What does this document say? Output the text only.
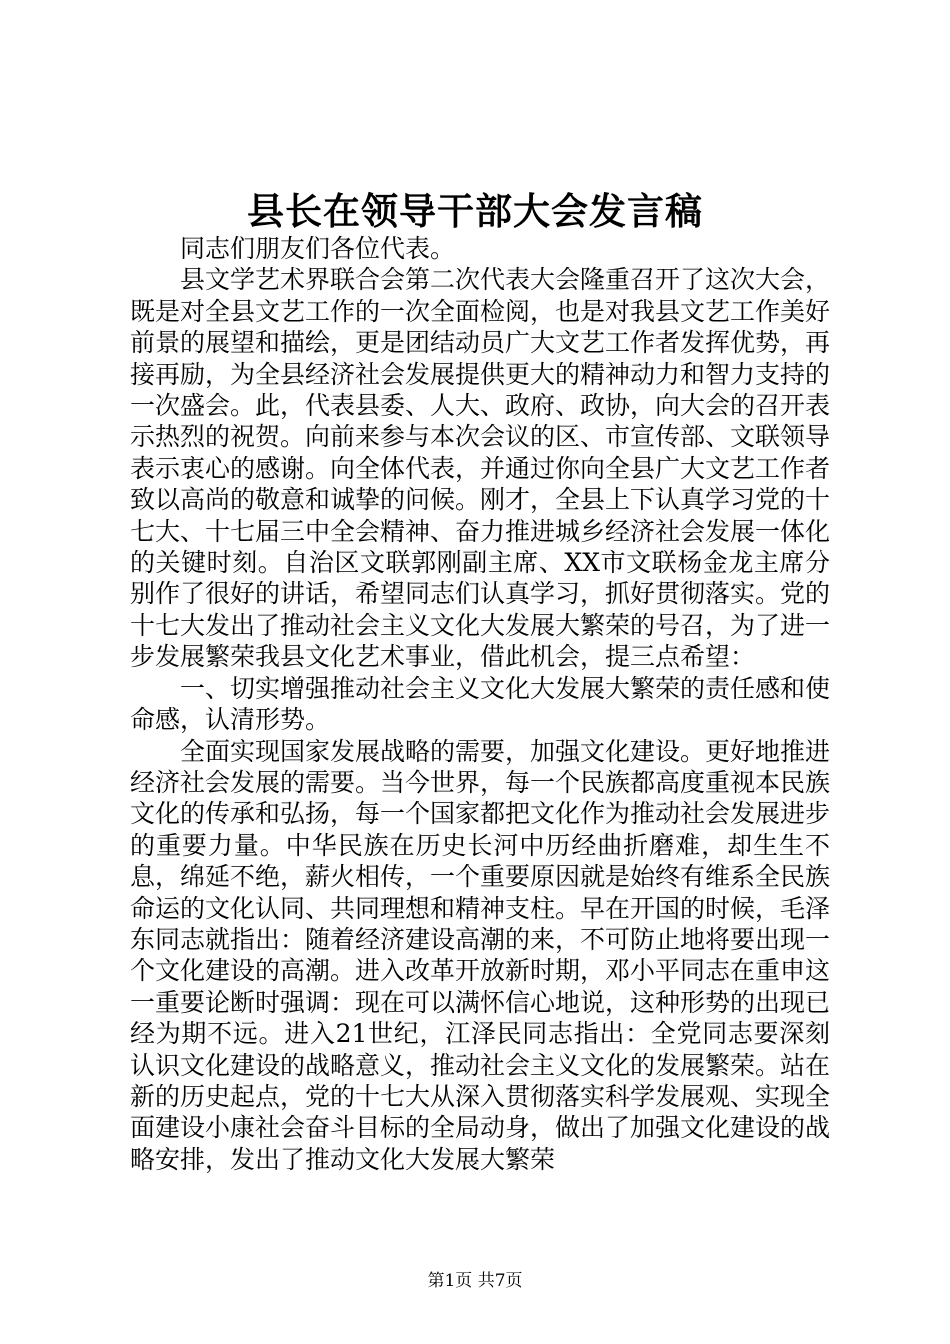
县长在领导干部大会发言稿

同志们朋友们各位代表。

县文学艺术界联合会第二次代表大会隆重召开了这次大会，既是对全县文艺工作的一次全面检阅，也是对我县文艺工作美好前景的展望和描绘，更是团结动员广大文艺工作者发挥优势，再接再励，为全县经济社会发展提供更大的精神动力和智力支持的一次盛会。此，代表县委、人大、政府、政协，向大会的召开表示热烈的祝贺。向前来参与本次会议的区、市宣传部、文联领导表示衷心的感谢。向全体代表，并通过你向全县广大文艺工作者致以高尚的敬意和诚挚的问候。刚才，全县上下认真学习党的十七大、十七届三中全会精神、奋力推进城乡经济社会发展一体化的关键时刻。自治区文联郭刚副主席、XX市文联杨金龙主席分别作了很好的讲话，希望同志们认真学习，抓好贯彻落实。党的十七大发出了推动社会主义文化大发展大繁荣的号召，为了进一步发展繁荣我县文化艺术事业，借此机会，提三点希望：

一、切实增强推动社会主义文化大发展大繁荣的责任感和使命感，认清形势。

全面实现国家发展战略的需要，加强文化建设。更好地推进经济社会发展的需要。当今世界，每一个民族都高度重视本民族文化的传承和弘扬，每一个国家都把文化作为推动社会发展进步的重要力量。中华民族在历史长河中历经曲折磨难，却生生不息，绵延不绝，薪火相传，一个重要原因就是始终有维系全民族命运的文化认同、共同理想和精神支柱。早在开国的时候，毛泽东同志就指出：随着经济建设高潮的来，不可防止地将要出现一个文化建设的高潮。进入改革开放新时期，邓小平同志在重申这一重要论断时强调：现在可以满怀信心地说，这种形势的出现已经为期不远。进入21世纪，江泽民同志指出：全党同志要深刻认识文化建设的战略意义，推动社会主义文化的发展繁荣。站在新的历史起点，党的十七大从深入贯彻落实科学发展观、实现全面建设小康社会奋斗目标的全局动身，做出了加强文化建设的战略安排，发出了推动文化大发展大繁荣

第1页 共7页
